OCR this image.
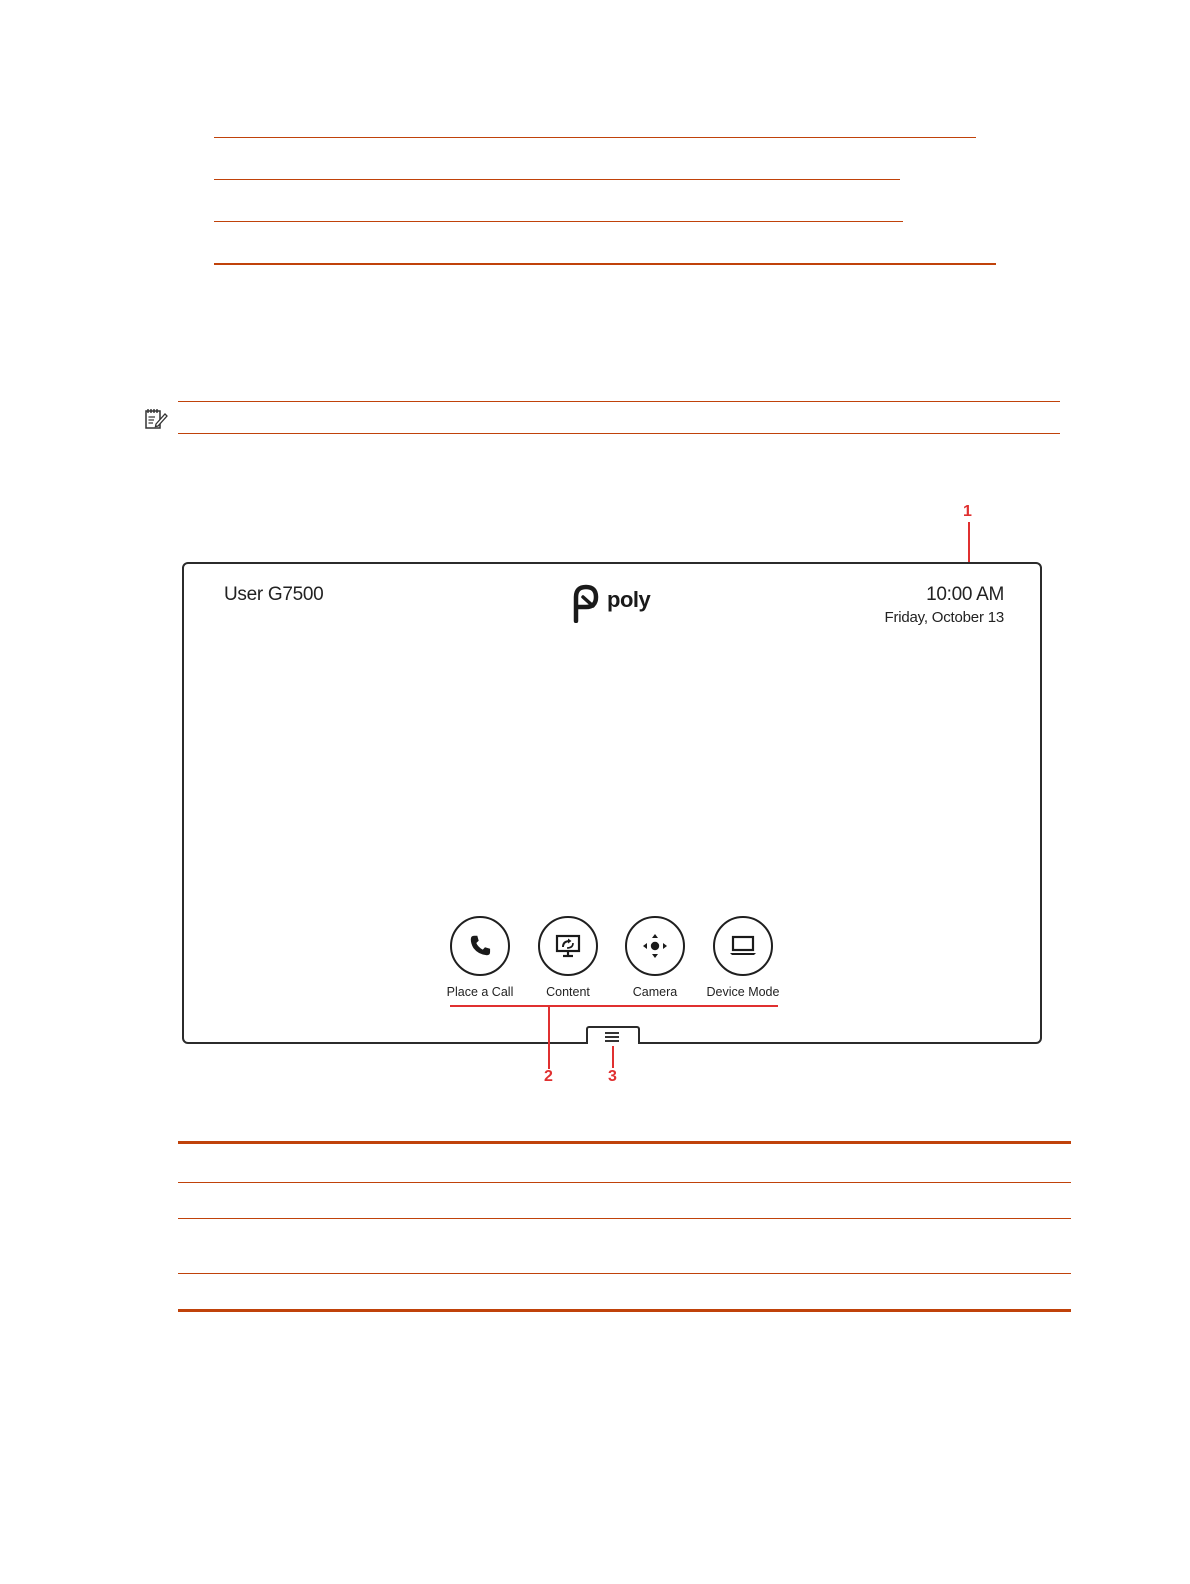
1
User G7500	poly	10:00 AM
Friday, October 13
Place a Call	Content	Camera	Device Mode
2	3
